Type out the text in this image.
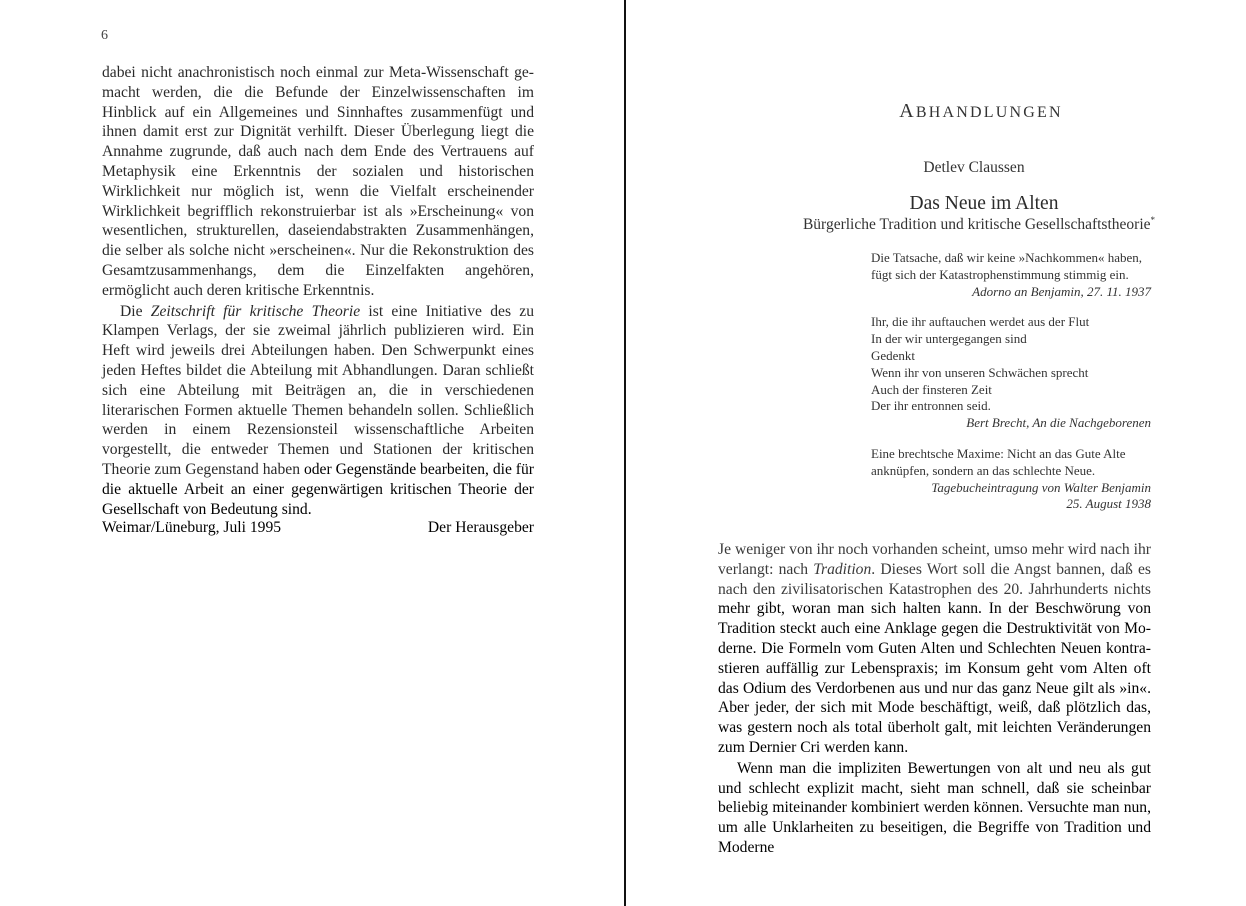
6

dabei nicht anachronistisch noch einmal zur Meta-Wissenschaft gemacht werden, die die Befunde der Einzelwissenschaften im Hinblick auf ein Allgemeines und Sinnhaftes zusammenfügt und ihnen damit erst zur Dignität verhilft. Dieser Überlegung liegt die Annahme zugrunde, daß auch nach dem Ende des Vertrauens auf Metaphysik eine Erkenntnis der sozialen und historischen Wirklichkeit nur möglich ist, wenn die Vielfalt erscheinender Wirklichkeit begrifflich rekonstruierbar ist als »Erscheinung« von wesentlichen, strukturellen, daseiendabstrakten Zusammenhängen, die selber als solche nicht »erscheinen«. Nur die Rekonstruktion des Gesamtzusammenhangs, dem die Einzelfakten angehören, ermöglicht auch deren kritische Erkenntnis.

Die Zeitschrift für kritische Theorie ist eine Initiative des zu Klampen Verlags, der sie zweimal jährlich publizieren wird. Ein Heft wird jeweils drei Abteilungen haben. Den Schwerpunkt eines jeden Heftes bildet die Abteilung mit Abhandlungen. Daran schließt sich eine Abteilung mit Beiträgen an, die in verschiedenen literarischen Formen aktuelle Themen behandeln sollen. Schließlich werden in einem Rezensionsteil wissenschaftliche Arbeiten vorgestellt, die entweder Themen und Stationen der kritischen Theorie zum Gegenstand haben oder Gegenstände bearbeiten, die für die aktuelle Arbeit an einer gegenwärtigen kritischen Theorie der Gesellschaft von Bedeutung sind.

Weimar/Lüneburg, Juli 1995	Der Herausgeber
ABHANDLUNGEN
Detlev Claussen
Das Neue im Alten
Bürgerliche Tradition und kritische Gesellschaftstheorie*
Die Tatsache, daß wir keine »Nachkommen« haben,
fügt sich der Katastrophenstimmung stimmig ein.
Adorno an Benjamin, 27. 11. 1937
Ihr, die ihr auftauchen werdet aus der Flut
In der wir untergegangen sind
Gedenkt
Wenn ihr von unseren Schwächen sprecht
Auch der finsteren Zeit
Der ihr entronnen seid.
Bert Brecht, An die Nachgeborenen
Eine brechtsche Maxime: Nicht an das Gute Alte
anknüpfen, sondern an das schlechte Neue.
Tagebucheintragung von Walter Benjamin
25. August 1938

Je weniger von ihr noch vorhanden scheint, umso mehr wird nach ihr verlangt: nach Tradition. Dieses Wort soll die Angst bannen, daß es nach den zivilisatorischen Katastrophen des 20. Jahrhunderts nichts mehr gibt, woran man sich halten kann. In der Beschwörung von Tradition steckt auch eine Anklage gegen die Destruktivität von Moderne. Die Formeln vom Guten Alten und Schlechten Neuen kontrastieren auffällig zur Lebenspraxis; im Konsum geht vom Alten oft das Odium des Verdorbenen aus und nur das ganz Neue gilt als »in«. Aber jeder, der sich mit Mode beschäftigt, weiß, daß plötzlich das, was gestern noch als total überholt galt, mit leichten Veränderungen zum Dernier Cri werden kann.

Wenn man die impliziten Bewertungen von alt und neu als gut und schlecht explizit macht, sieht man schnell, daß sie scheinbar beliebig miteinander kombiniert werden können. Versuchte man nun, um alle Unklarheiten zu beseitigen, die Begriffe von Tradition und Moderne
